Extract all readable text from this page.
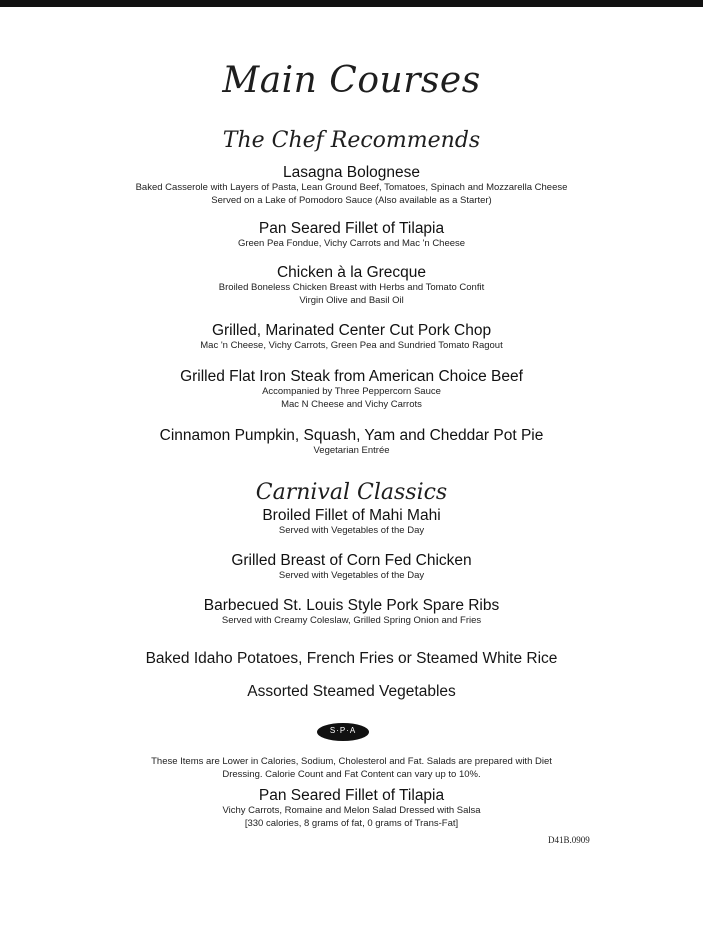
Main Courses
The Chef Recommends
Lasagna Bolognese
Baked Casserole with Layers of Pasta, Lean Ground Beef, Tomatoes, Spinach and Mozzarella Cheese
Served on a Lake of Pomodoro Sauce (Also available as a Starter)
Pan Seared Fillet of Tilapia
Green Pea Fondue, Vichy Carrots and Mac 'n Cheese
Chicken à la Grecque
Broiled Boneless Chicken Breast with Herbs and Tomato Confit
Virgin Olive and Basil Oil
Grilled, Marinated Center Cut Pork Chop
Mac 'n Cheese, Vichy Carrots, Green Pea and Sundried Tomato Ragout
Grilled Flat Iron Steak from American Choice Beef
Accompanied by Three Peppercorn Sauce
Mac N Cheese and Vichy Carrots
Cinnamon Pumpkin, Squash, Yam and Cheddar Pot Pie
Vegetarian Entrée
Carnival Classics
Broiled Fillet of Mahi Mahi
Served with Vegetables of the Day
Grilled Breast of Corn Fed Chicken
Served with Vegetables of the Day
Barbecued St. Louis Style Pork Spare Ribs
Served with Creamy Coleslaw, Grilled Spring Onion and Fries
Baked Idaho Potatoes, French Fries or Steamed White Rice
Assorted Steamed Vegetables
S·P·A
These Items are Lower in Calories, Sodium, Cholesterol and Fat. Salads are prepared with Diet Dressing. Calorie Count and Fat Content can vary up to 10%.
Pan Seared Fillet of Tilapia
Vichy Carrots, Romaine and Melon Salad Dressed with Salsa
[330 calories, 8 grams of fat, 0 grams of Trans-Fat]
D41B.0909
